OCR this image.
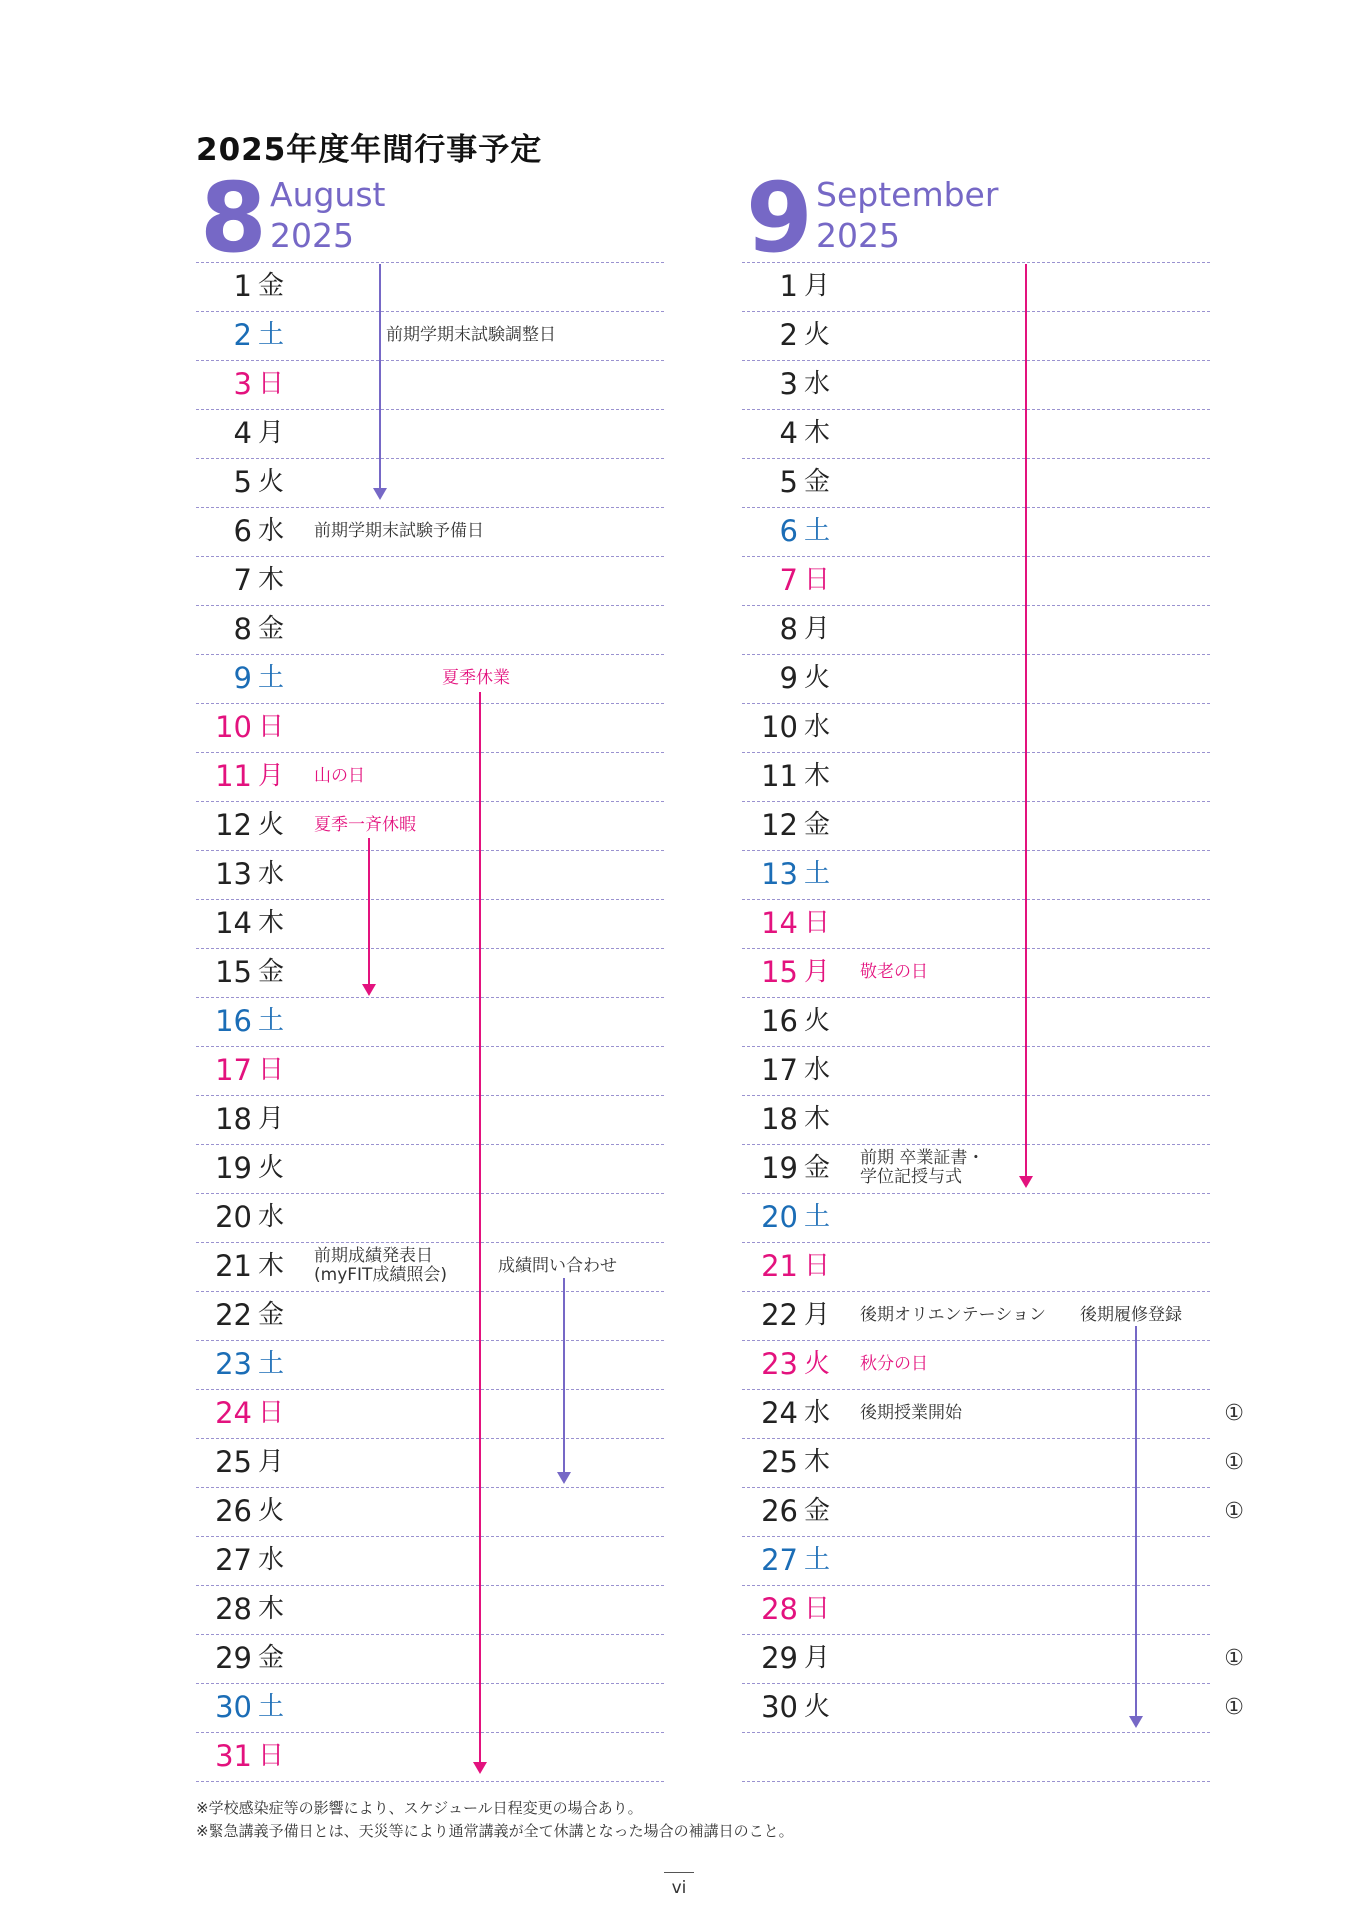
2025年度年間行事予定
8 August
2025
1 金
2 土	前期学期末試験調整日
3 日
4 月
5 火
6 水 前期学期末試験予備日
7 木
8 金
9 土	夏季休業
10 日
11 月 山の日
12 火 夏季一斉休暇
13 水
14 木
15 金
16 土
17 日
18 月
19 火
20 水
21 木 前期成績発表日
(myFIT成績照会)	成績問い合わせ
22 金
23 土
24 日
25 月
26 火
27 水
28 木
29 金
30 土
31 日
9 September
2025
1 月
2 火
3 水
4 木
5 金
6 土
7 日
8 月
9 火
10 水
11 木
12 金
13 土
14 日
15 月 敬老の日
16 火
17 水
18 木
19 金 前期 卒業証書・
学位記授与式
20 土
21 日
22 月 後期オリエンテーション 後期履修登録
23 火 秋分の日
24 水 後期授業開始	①
25 木	①
26 金	①
27 土
28 日
29 月	①
30 火	①
※学校感染症等の影響により、スケジュール日程変更の場合あり。
※緊急講義予備日とは、天災等により通常講義が全て休講となった場合の補講日のこと。
vi
